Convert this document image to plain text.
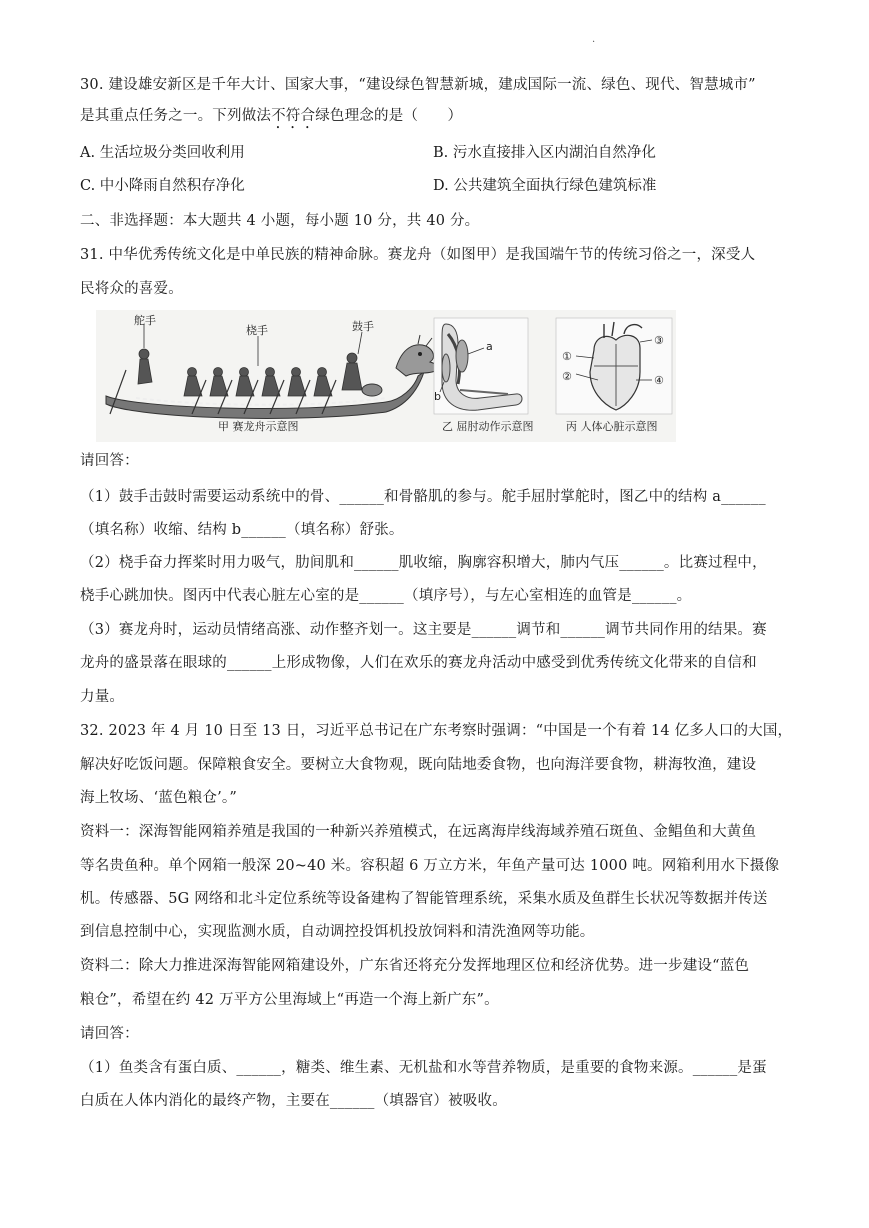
.
30. 建设雄安新区是千年大计、国家大事，“建设绿色智慧新城，建成国际一流、绿色、现代、智慧城市”
是其重点任务之一。下列做法不符合绿色理念的是（　　）
A. 生活垃圾分类回收利用	B. 污水直接排入区内湖泊自然净化
C. 中小降雨自然积存净化	D. 公共建筑全面执行绿色建筑标准
二、非选择题：本大题共 4 小题，每小题 10 分，共 40 分。
31. 中华优秀传统文化是中单民族的精神命脉。赛龙舟（如图甲）是我国端午节的传统习俗之一，深受人
民将众的喜爱。
舵手
桡手	鼓手
甲 赛龙舟示意图
a
b
乙 屈肘动作示意图
①
②
③
④
丙 人体心脏示意图
请回答：
（1）鼓手击鼓时需要运动系统中的骨、______和骨骼肌的参与。舵手屈肘掌舵时，图乙中的结构 a______
（填名称）收缩、结构 b______（填名称）舒张。
（2）桡手奋力挥桨时用力吸气，肋间肌和______肌收缩，胸廓容积增大，肺内气压______。比赛过程中，
桡手心跳加快。图丙中代表心脏左心室的是______（填序号），与左心室相连的血管是______。
（3）赛龙舟时，运动员情绪高涨、动作整齐划一。这主要是______调节和______调节共同作用的结果。赛
龙舟的盛景落在眼球的______上形成物像，人们在欢乐的赛龙舟活动中感受到优秀传统文化带来的自信和
力量。
32. 2023 年 4 月 10 日至 13 日，习近平总书记在广东考察时强调：“中国是一个有着 14 亿多人口的大国，
解决好吃饭问题。保障粮食安全。要树立大食物观，既向陆地委食物，也向海洋要食物，耕海牧渔，建设
海上牧场、‘蓝色粮仓’。”
资料一：深海智能网箱养殖是我国的一种新兴养殖模式，在远离海岸线海域养殖石斑鱼、金鲳鱼和大黄鱼
等名贵鱼种。单个网箱一般深 20~40 米。容积超 6 万立方米，年鱼产量可达 1000 吨。网箱利用水下摄像
机。传感器、5G 网络和北斗定位系统等设备建构了智能管理系统，采集水质及鱼群生长状况等数据并传送
到信息控制中心，实现监测水质，自动调控投饵机投放饲料和清洗渔网等功能。
资料二：除大力推进深海智能网箱建设外，广东省还将充分发挥地理区位和经济优势。进一步建设“蓝色
粮仓”，希望在约 42 万平方公里海域上“再造一个海上新广东”。
请回答：
（1）鱼类含有蛋白质、______，糖类、维生素、无机盐和水等营养物质，是重要的食物来源。______是蛋
白质在人体内消化的最终产物，主要在______（填器官）被吸收。
